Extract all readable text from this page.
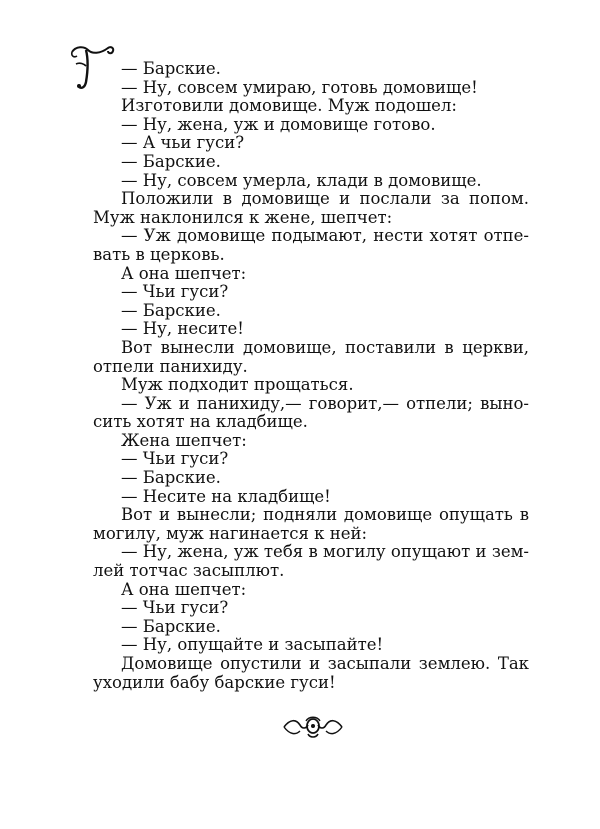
— Барские.
— Ну, совсем умираю, готовь домовище!
Изготовили домовище. Муж подошел:
— Ну, жена, уж и домовище готово.
— А чьи гуси?
— Барские.
— Ну, совсем умерла, клади в домовище.
Положили в домовище и послали за попом.
Муж наклонился к жене, шепчет:
— Уж домовище подымают, нести хотят отпе-
вать в церковь.
А она шепчет:
— Чьи гуси?
— Барские.
— Ну, несите!
Вот вынесли домовище, поставили в церкви,
отпели панихиду.
Муж подходит прощаться.
— Уж и панихиду,— говорит,— отпели; выно-
сить хотят на кладбище.
Жена шепчет:
— Чьи гуси?
— Барские.
— Несите на кладбище!
Вот и вынесли; подняли домовище опущать в
могилу, муж нагинается к ней:
— Ну, жена, уж тебя в могилу опущают и зем-
лей тотчас засыплют.
А она шепчет:
— Чьи гуси?
— Барские.
— Ну, опущайте и засыпайте!
Домовище опустили и засыпали землею. Так
уходили бабу барские гуси!
